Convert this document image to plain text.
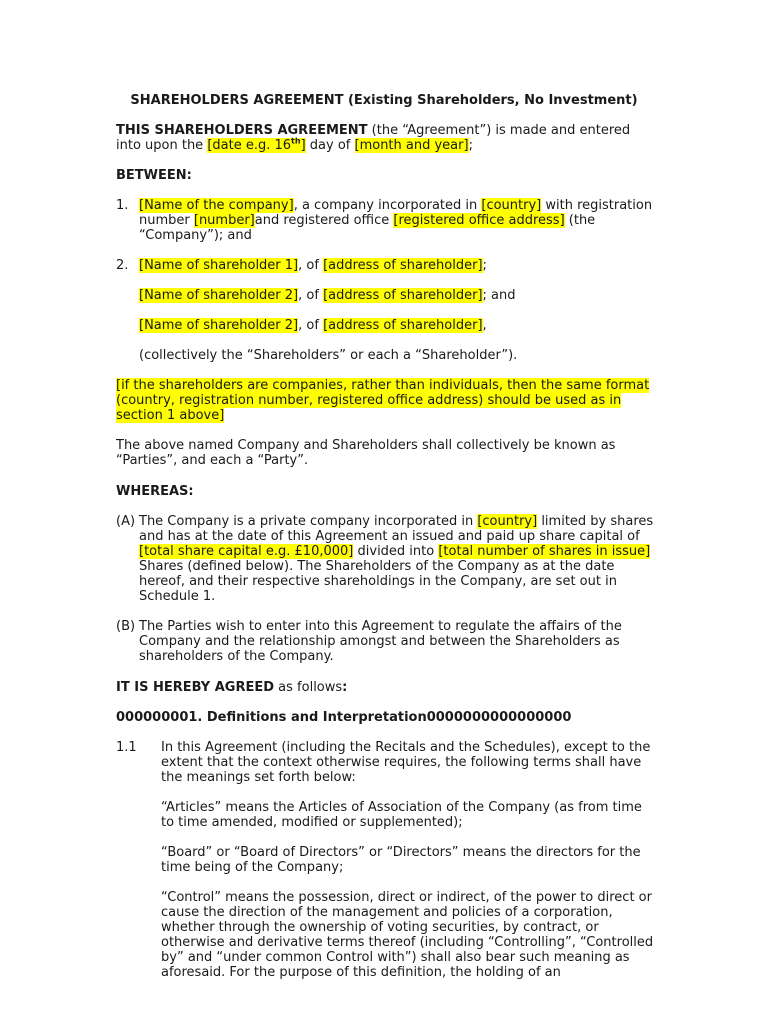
SHAREHOLDERS AGREEMENT (Existing Shareholders, No Investment)

THIS SHAREHOLDERS AGREEMENT (the “Agreement”) is made and entered into upon the [date e.g. 16th] day of [month and year];

BETWEEN:

1. [Name of the company], a company incorporated in [country] with registration number [number]and registered office [registered office address] (the “Company”); and

2. [Name of shareholder 1], of [address of shareholder];

[Name of shareholder 2], of [address of shareholder]; and

[Name of shareholder 2], of [address of shareholder],

(collectively the “Shareholders” or each a “Shareholder”).

[if the shareholders are companies, rather than individuals, then the same format (country, registration number, registered office address) should be used as in section 1 above]

The above named Company and Shareholders shall collectively be known as “Parties”, and each a “Party”.

WHEREAS:

(A) The Company is a private company incorporated in [country] limited by shares and has at the date of this Agreement an issued and paid up share capital of [total share capital e.g. £10,000] divided into [total number of shares in issue] Shares (defined below). The Shareholders of the Company as at the date hereof, and their respective shareholdings in the Company, are set out in Schedule 1.

(B) The Parties wish to enter into this Agreement to regulate the affairs of the Company and the relationship amongst and between the Shareholders as shareholders of the Company.

IT IS HEREBY AGREED as follows:

000000001. Definitions and Interpretation0000000000000000

1.1 In this Agreement (including the Recitals and the Schedules), except to the extent that the context otherwise requires, the following terms shall have the meanings set forth below:

“Articles” means the Articles of Association of the Company (as from time to time amended, modified or supplemented);

“Board” or “Board of Directors” or “Directors” means the directors for the time being of the Company;

“Control” means the possession, direct or indirect, of the power to direct or cause the direction of the management and policies of a corporation, whether through the ownership of voting securities, by contract, or otherwise and derivative terms thereof (including “Controlling”, “Controlled by” and “under common Control with”) shall also bear such meaning as aforesaid. For the purpose of this definition, the holding of an
